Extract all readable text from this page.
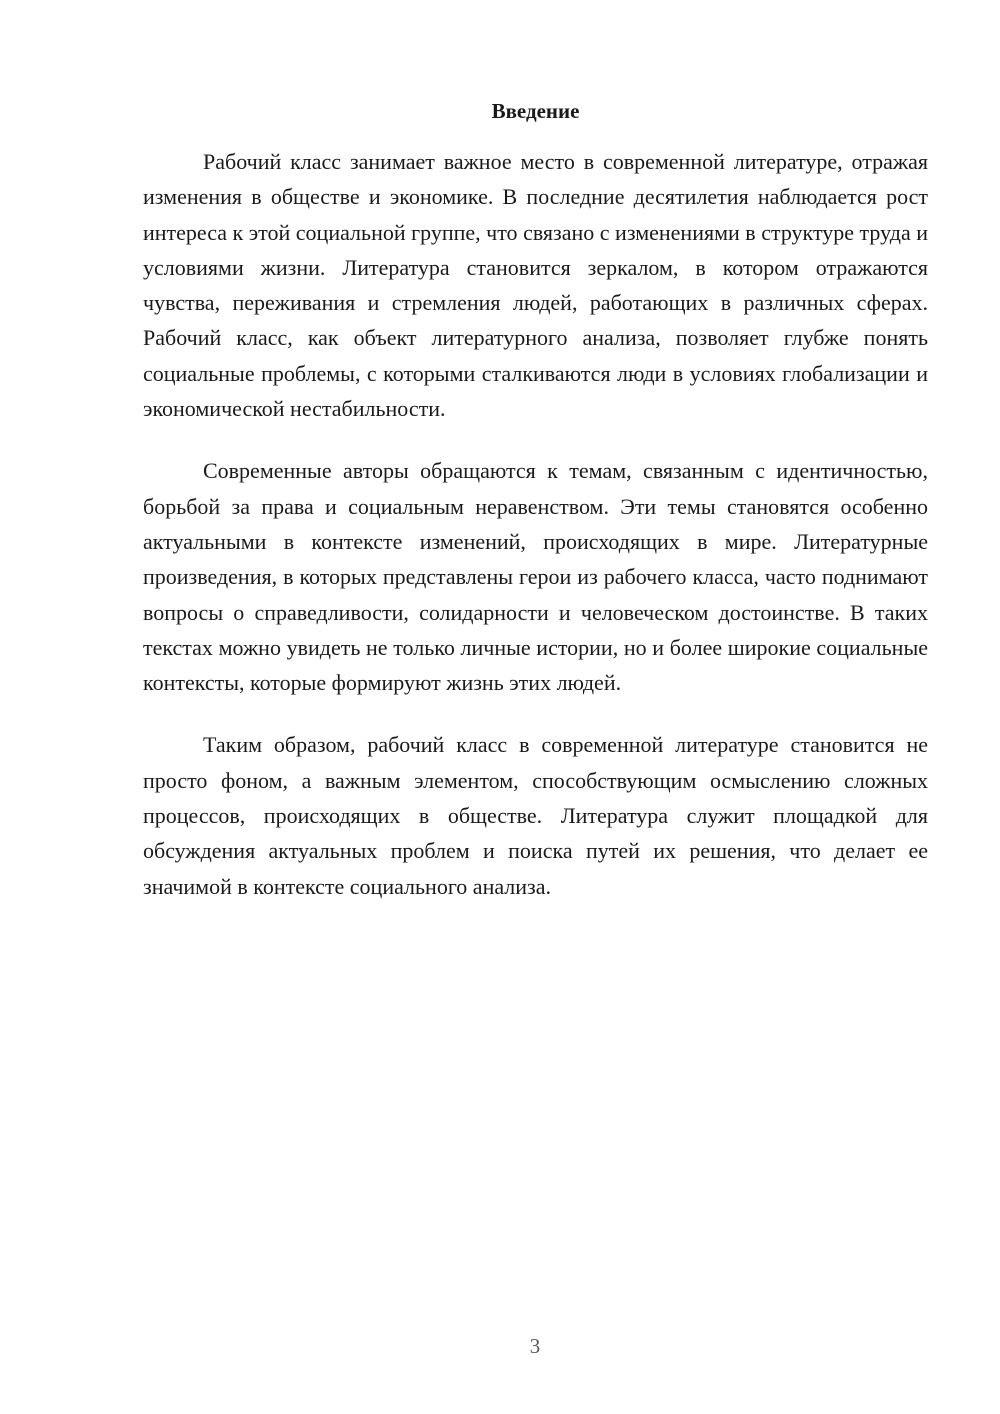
Введение

Рабочий класс занимает важное место в современной литературе, отражая изменения в обществе и экономике. В последние десятилетия наблюдается рост интереса к этой социальной группе, что связано с изменениями в структуре труда и условиями жизни. Литература становится зеркалом, в котором отражаются чувства, переживания и стремления людей, работающих в различных сферах. Рабочий класс, как объект литературного анализа, позволяет глубже понять социальные проблемы, с которыми сталкиваются люди в условиях глобализации и экономической нестабильности.

Современные авторы обращаются к темам, связанным с идентичностью, борьбой за права и социальным неравенством. Эти темы становятся особенно актуальными в контексте изменений, происходящих в мире. Литературные произведения, в которых представлены герои из рабочего класса, часто поднимают вопросы о справедливости, солидарности и человеческом достоинстве. В таких текстах можно увидеть не только личные истории, но и более широкие социальные контексты, которые формируют жизнь этих людей.

Таким образом, рабочий класс в современной литературе становится не просто фоном, а важным элементом, способствующим осмыслению сложных процессов, происходящих в обществе. Литература служит площадкой для обсуждения актуальных проблем и поиска путей их решения, что делает ее значимой в контексте социального анализа.

3
